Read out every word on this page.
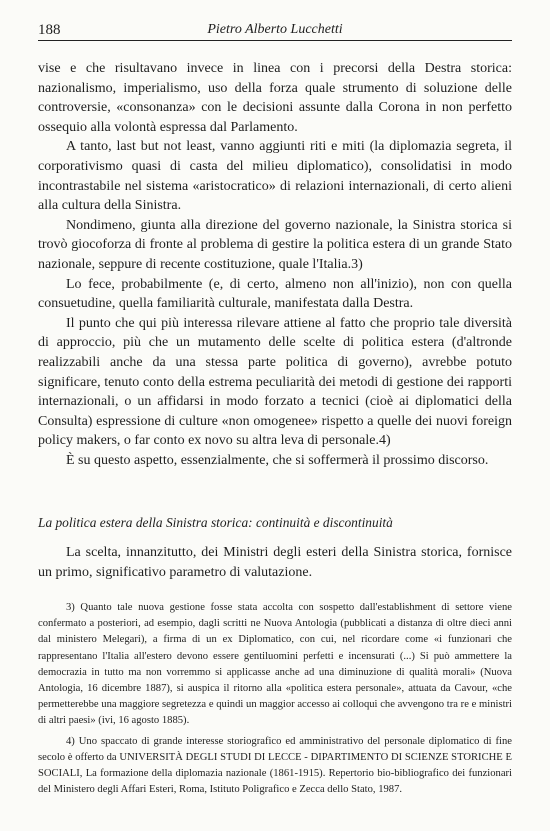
188	Pietro Alberto Lucchetti

vise e che risultavano invece in linea con i precorsi della Destra storica: nazionalismo, imperialismo, uso della forza quale strumento di soluzione delle controversie, «consonanza» con le decisioni assunte dalla Corona in non perfetto ossequio alla volontà espressa dal Parlamento.

A tanto, last but not least, vanno aggiunti riti e miti (la diplomazia segreta, il corporativismo quasi di casta del milieu diplomatico), consolidatisi in modo incontrastabile nel sistema «aristocratico» di relazioni internazionali, di certo alieni alla cultura della Sinistra.

Nondimeno, giunta alla direzione del governo nazionale, la Sinistra storica si trovò giocoforza di fronte al problema di gestire la politica estera di un grande Stato nazionale, seppure di recente costituzione, quale l'Italia.3)

Lo fece, probabilmente (e, di certo, almeno non all'inizio), non con quella consuetudine, quella familiarità culturale, manifestata dalla Destra.

Il punto che qui più interessa rilevare attiene al fatto che proprio tale diversità di approccio, più che un mutamento delle scelte di politica estera (d'altronde realizzabili anche da una stessa parte politica di governo), avrebbe potuto significare, tenuto conto della estrema peculiarità dei metodi di gestione dei rapporti internazionali, o un affidarsi in modo forzato a tecnici (cioè ai diplomatici della Consulta) espressione di culture «non omogenee» rispetto a quelle dei nuovi foreign policy makers, o far conto ex novo su altra leva di personale.4)

È su questo aspetto, essenzialmente, che si soffermerà il prossimo discorso.

La politica estera della Sinistra storica: continuità e discontinuità

La scelta, innanzitutto, dei Ministri degli esteri della Sinistra storica, fornisce un primo, significativo parametro di valutazione.

3) Quanto tale nuova gestione fosse stata accolta con sospetto dall'establishment di settore viene confermato a posteriori, ad esempio, dagli scritti ne Nuova Antologia (pubblicati a distanza di oltre dieci anni dal ministero Melegari), a firma di un ex Diplomatico, con cui, nel ricordare come «i funzionari che rappresentano l'Italia all'estero devono essere gentiluomini perfetti e incensurati (...) Si può ammettere la democrazia in tutto ma non vorremmo si applicasse anche ad una diminuzione di qualità morali» (Nuova Antologia, 16 dicembre 1887), si auspica il ritorno alla «politica estera personale», attuata da Cavour, «che permetterebbe una maggiore segretezza e quindi un maggior accesso ai colloqui che avvengono tra re e ministri di altri paesi» (ivi, 16 agosto 1885).

4) Uno spaccato di grande interesse storiografico ed amministrativo del personale diplomatico di fine secolo è offerto da UNIVERSITÀ DEGLI STUDI DI LECCE - DIPARTIMENTO DI SCIENZE STORICHE E SOCIALI, La formazione della diplomazia nazionale (1861-1915). Repertorio bio-bibliografico dei funzionari del Ministero degli Affari Esteri, Roma, Istituto Poligrafico e Zecca dello Stato, 1987.
